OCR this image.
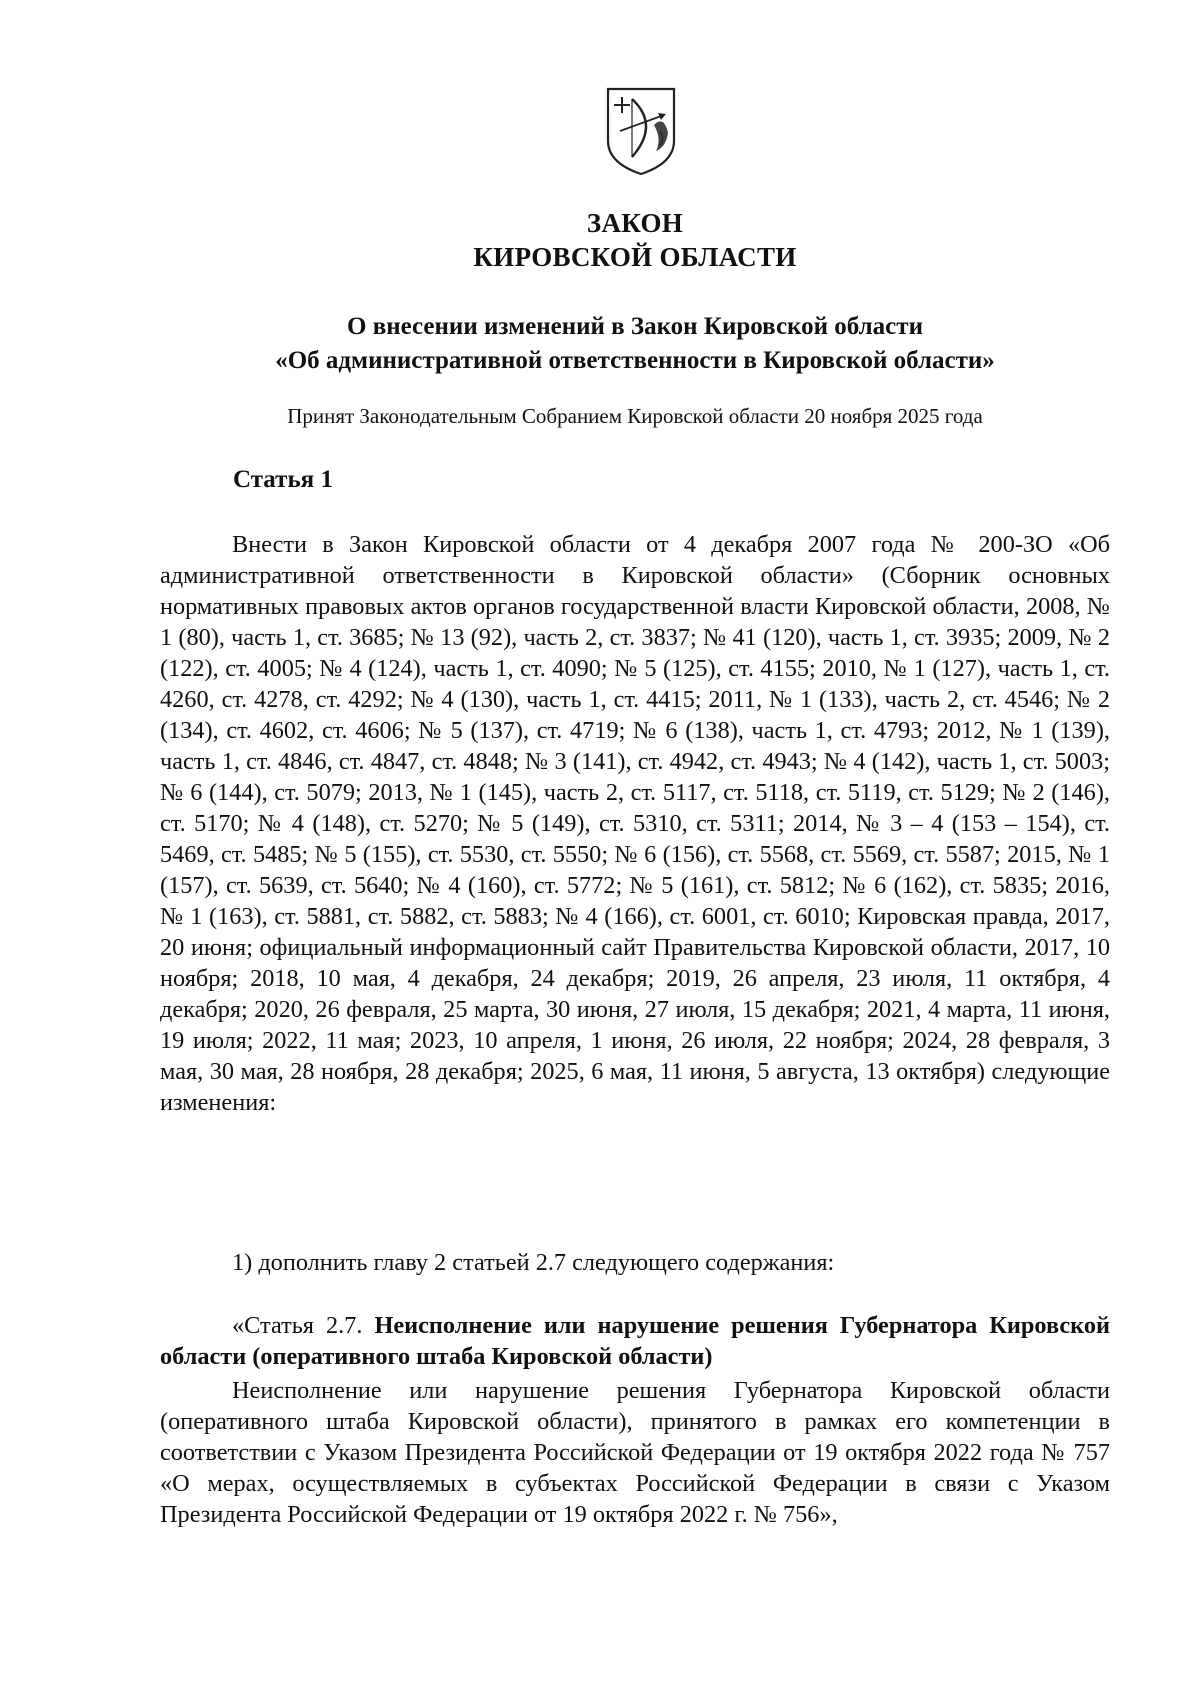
ЗАКОН
КИРОВСКОЙ ОБЛАСТИ
О внесении изменений в Закон Кировской области
«Об административной ответственности в Кировской области»
Принят Законодательным Собранием Кировской области 20 ноября 2025 года
Статья 1
Внести в Закон Кировской области от 4 декабря 2007 года № 200-ЗО «Об административной ответственности в Кировской области» (Сборник основных нормативных правовых актов органов государственной власти Кировской области, 2008, № 1 (80), часть 1, ст. 3685; № 13 (92), часть 2, ст. 3837; № 41 (120), часть 1, ст. 3935; 2009, № 2 (122), ст. 4005; № 4 (124), часть 1, ст. 4090; № 5 (125), ст. 4155; 2010, № 1 (127), часть 1, ст. 4260, ст. 4278, ст. 4292; № 4 (130), часть 1, ст. 4415; 2011, № 1 (133), часть 2, ст. 4546; № 2 (134), ст. 4602, ст. 4606; № 5 (137), ст. 4719; № 6 (138), часть 1, ст. 4793; 2012, № 1 (139), часть 1, ст. 4846, ст. 4847, ст. 4848; № 3 (141), ст. 4942, ст. 4943; № 4 (142), часть 1, ст. 5003; № 6 (144), ст. 5079; 2013, № 1 (145), часть 2, ст. 5117, ст. 5118, ст. 5119, ст. 5129; № 2 (146), ст. 5170; № 4 (148), ст. 5270; № 5 (149), ст. 5310, ст. 5311; 2014, № 3 – 4 (153 – 154), ст. 5469, ст. 5485; № 5 (155), ст. 5530, ст. 5550; № 6 (156), ст. 5568, ст. 5569, ст. 5587; 2015, № 1 (157), ст. 5639, ст. 5640; № 4 (160), ст. 5772; № 5 (161), ст. 5812; № 6 (162), ст. 5835; 2016, № 1 (163), ст. 5881, ст. 5882, ст. 5883; № 4 (166), ст. 6001, ст. 6010; Кировская правда, 2017, 20 июня; официальный информационный сайт Правительства Кировской области, 2017, 10 ноября; 2018, 10 мая, 4 декабря, 24 декабря; 2019, 26 апреля, 23 июля, 11 октября, 4 декабря; 2020, 26 февраля, 25 марта, 30 июня, 27 июля, 15 декабря; 2021, 4 марта, 11 июня, 19 июля; 2022, 11 мая; 2023, 10 апреля, 1 июня, 26 июля, 22 ноября; 2024, 28 февраля, 3 мая, 30 мая, 28 ноября, 28 декабря; 2025, 6 мая, 11 июня, 5 августа, 13 октября) следующие изменения:
1) дополнить главу 2 статьей 2.7 следующего содержания:
«Статья 2.7. Неисполнение или нарушение решения Губернатора Кировской области (оперативного штаба Кировской области)
Неисполнение или нарушение решения Губернатора Кировской области (оперативного штаба Кировской области), принятого в рамках его компетенции в соответствии с Указом Президента Российской Федерации от 19 октября 2022 года № 757 «О мерах, осуществляемых в субъектах Российской Федерации в связи с Указом Президента Российской Федерации от 19 октября 2022 г. № 756»,
